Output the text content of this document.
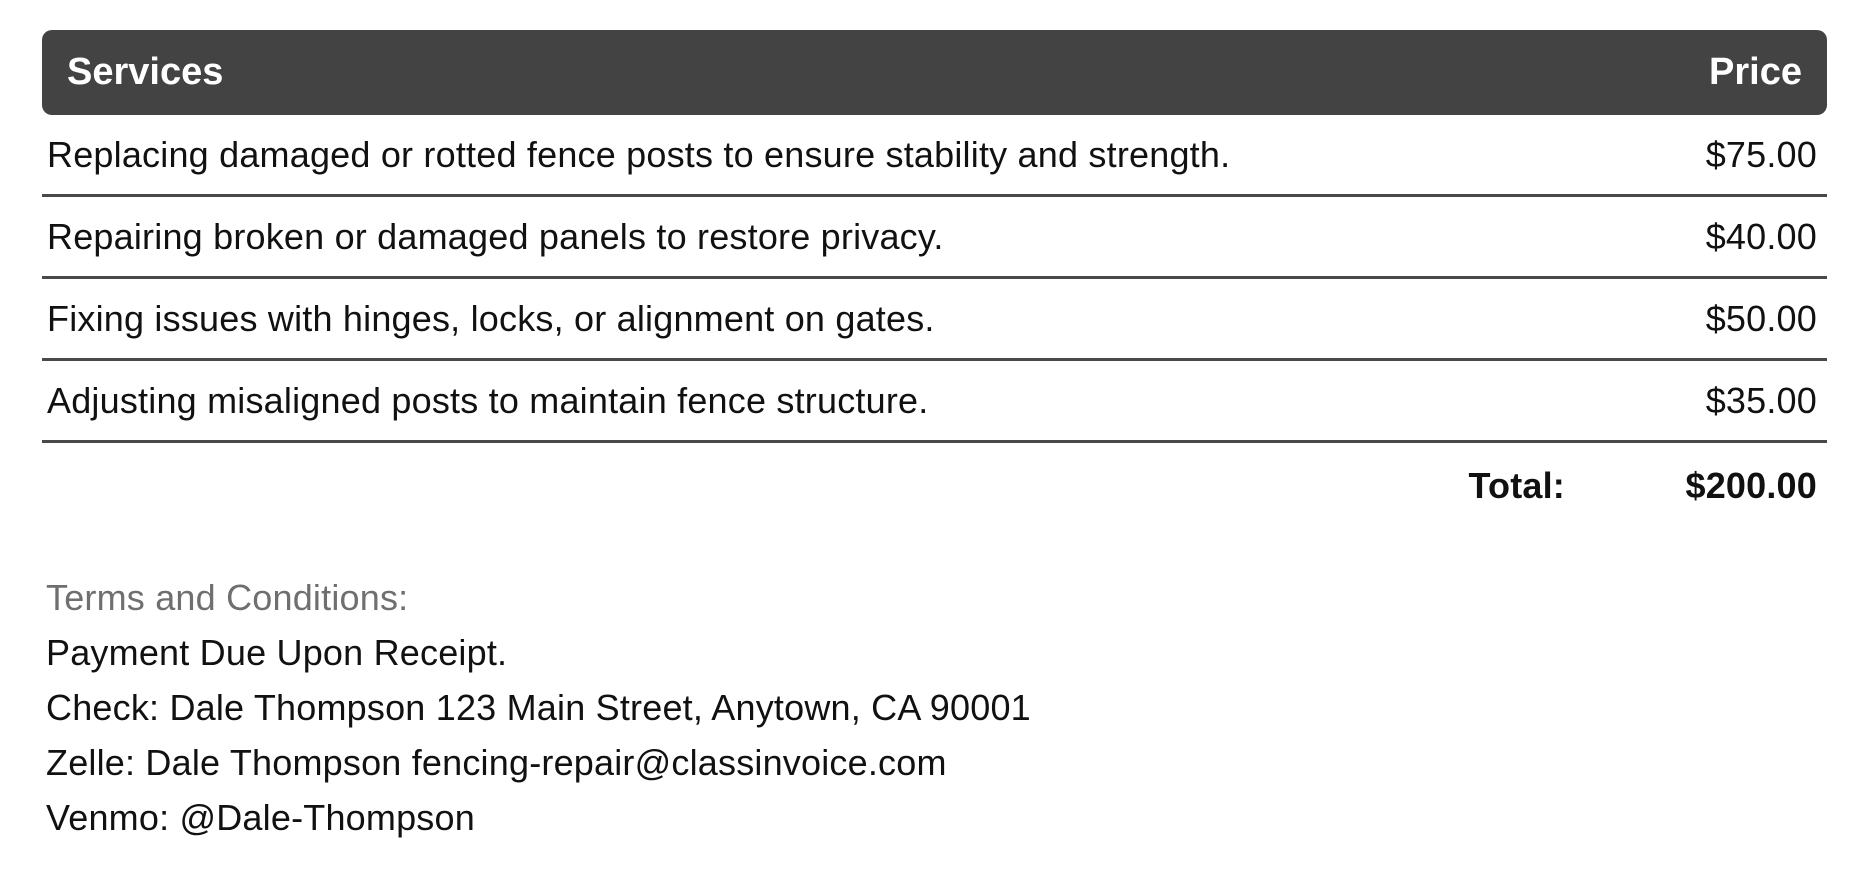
Services	Price
Replacing damaged or rotted fence posts to ensure stability and strength.	$75.00
Repairing broken or damaged panels to restore privacy.	$40.00
Fixing issues with hinges, locks, or alignment on gates.	$50.00
Adjusting misaligned posts to maintain fence structure.	$35.00
Total:	$200.00
Terms and Conditions:
Payment Due Upon Receipt.
Check: Dale Thompson 123 Main Street, Anytown, CA 90001
Zelle: Dale Thompson fencing-repair@classinvoice.com
Venmo: @Dale-Thompson
